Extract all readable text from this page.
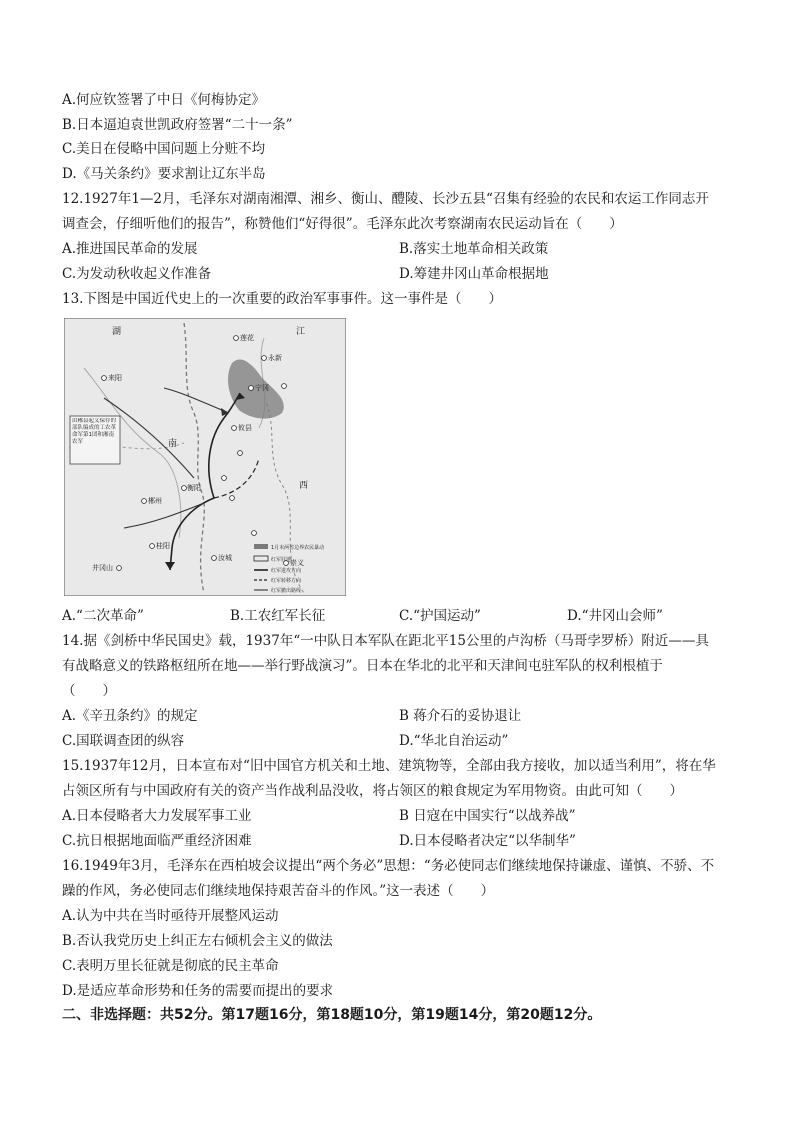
A.何应钦签署了中日《何梅协定》
B.日本逼迫袁世凯政府签署“二十一条”
C.美日在侵略中国问题上分赃不均
D.《马关条约》要求割让辽东半岛
12.1927年1—2月，毛泽东对湖南湘潭、湘乡、衡山、醴陵、长沙五县“召集有经验的农民和农运工作同志开
调查会，仔细听他们的报告”，称赞他们“好得很”。毛泽东此次考察湖南农民运动旨在（　　）
A.推进国民革命的发展	B.落实土地革命相关政策
C.为发动秋收起义作准备	D.筹建井冈山革命根据地
13.下图是中国近代史上的一次重要的政治军事事件。这一事件是（　　）
湖	江
南
西
莲花
永新
宁冈
攸县
衡阳
郴州
桂阳
来阳
汝城
崇义
井冈山
由郴县起义保存的部队编成的工农革命军第1团和湘南农军
1月末两省边界农民暴动
红军驻地
红军进攻方向
红军转移方向
红军撤出路线
A.“二次革命”	B.工农红军长征	C.“护国运动”	D.“井冈山会师”
14.据《剑桥中华民国史》载，1937年“一中队日本军队在距北平15公里的卢沟桥（马哥孛罗桥）附近——具
有战略意义的铁路枢纽所在地——举行野战演习”。日本在华北的北平和天津间屯驻军队的权利根植于
（　　）
A.《辛丑条约》的规定	B 蒋介石的妥协退让
C.国联调查团的纵容	D.“华北自治运动”
15.1937年12月，日本宣布对“旧中国官方机关和土地、建筑物等，全部由我方接收，加以适当利用”，将在华
占领区所有与中国政府有关的资产当作战利品没收，将占领区的粮食规定为军用物资。由此可知（　　）
A.日本侵略者大力发展军事工业	B 日寇在中国实行“以战养战”
C.抗日根据地面临严重经济困难	D.日本侵略者决定“以华制华”
16.1949年3月，毛泽东在西柏坡会议提出“两个务必”思想：“务必使同志们继续地保持谦虚、谨慎、不骄、不
躁的作风，务必使同志们继续地保持艰苦奋斗的作风。”这一表述（　　）
A.认为中共在当时亟待开展整风运动
B.否认我党历史上纠正左右倾机会主义的做法
C.表明万里长征就是彻底的民主革命
D.是适应革命形势和任务的需要而提出的要求
二、非选择题：共52分。第17题16分，第18题10分，第19题14分，第20题12分。
